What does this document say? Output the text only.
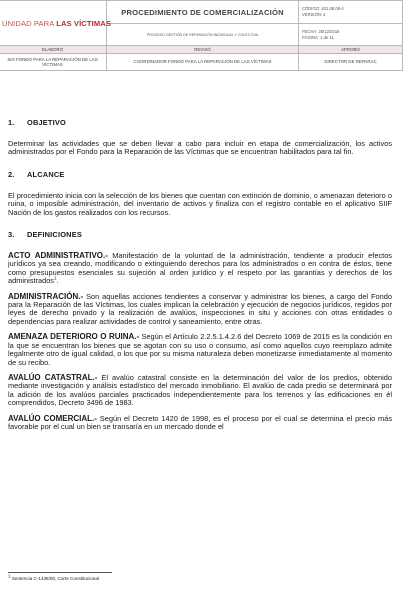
UNIDAD PARA LAS VÍCTIMAS	PROCEDIMIENTO DE COMERCIALIZACIÓN	CÓDIGO: 401.08.08-4
VERSIÓN: 4

	PROCESO GESTIÓN DE REPARACIÓN INDIVIDUAL Y COLECTIVA	FECHA: 26/12/2016
PÁGINA: 1 de 11

ELABORÓ	REVISÓ	APROBÓ
SIG FONDO PARA LA REPARACIÓN DE LAS VÍCTIMAS	COORDINADOR FONDO PARA LA REPARACIÓN DE LAS VÍCTIMAS	DIRECTOR DE REPARAC
1. OBJETIVO

Determinar las actividades que se deben llevar a cabo para incluir en etapa de comercialización, los activos administrados por el Fondo para la Reparación de las Víctimas que se encuentran habilitados para tal fin.

2. ALCANCE

El procedimiento inicia con la selección de los bienes que cuentan con extinción de dominio, o amenazan deterioro o ruina, o imposible administración, del inventario de activos y finaliza con el registro contable en el aplicativo SIIF Nación de los gastos realizados con los recursos.

3. DEFINICIONES

ACTO ADMINISTRATIVO.- Manifestación de la voluntad de la administración, tendiente a producir efectos jurídicos ya sea creando, modificando o extinguiendo derechos para los administrados o en contra de éstos, tiene como presupuestos esenciales su sujeción al orden jurídico y el respeto por las garantías y derechos de los administrados$^1$.

ADMINISTRACIÓN.- Son aquellas acciones tendientes a conservar y administrar los bienes, a cargo del Fondo para la Reparación de las Víctimas, los cuales implican la celebración y ejecución de negocios jurídicos, regidos por leyes de derecho privado y la realización de avalúos, inspecciones in situ y acciones con otras entidades o dependencias para realizar actividades de control y saneamiento, entre otras.

AMENAZA DETERIORO O RUINA.- Según el Artículo 2.2.5.1.4.2.6 del Decreto 1069 de 2015 es la condición en la que se encuentran los bienes que se agotan con su uso o consumo, así como aquellos cuyo reemplazo admite legalmente otro de igual calidad, o los que por su misma naturaleza deben monetizarse inmediatamente al momento de su recibo.

AVALÚO CATASTRAL.- El avalúo catastral consiste en la determinación del valor de los predios, obtenido mediante investigación y análisis estadístico del mercado inmobiliario. El avalúo de cada predio se determinará por la adición de los avalúos parciales practicados independientemente para los terrenos y las edificaciones en él comprendidos, Decreto 3496 de 1983.

AVALÚO COMERCIAL.- Según el Decreto 1420 de 1998, es el proceso por el cual se determina el precio más favorable por el cual un bien se transaría en un mercado donde el

$^1$ Sentencia C-1436/00, Corte Constitucional
